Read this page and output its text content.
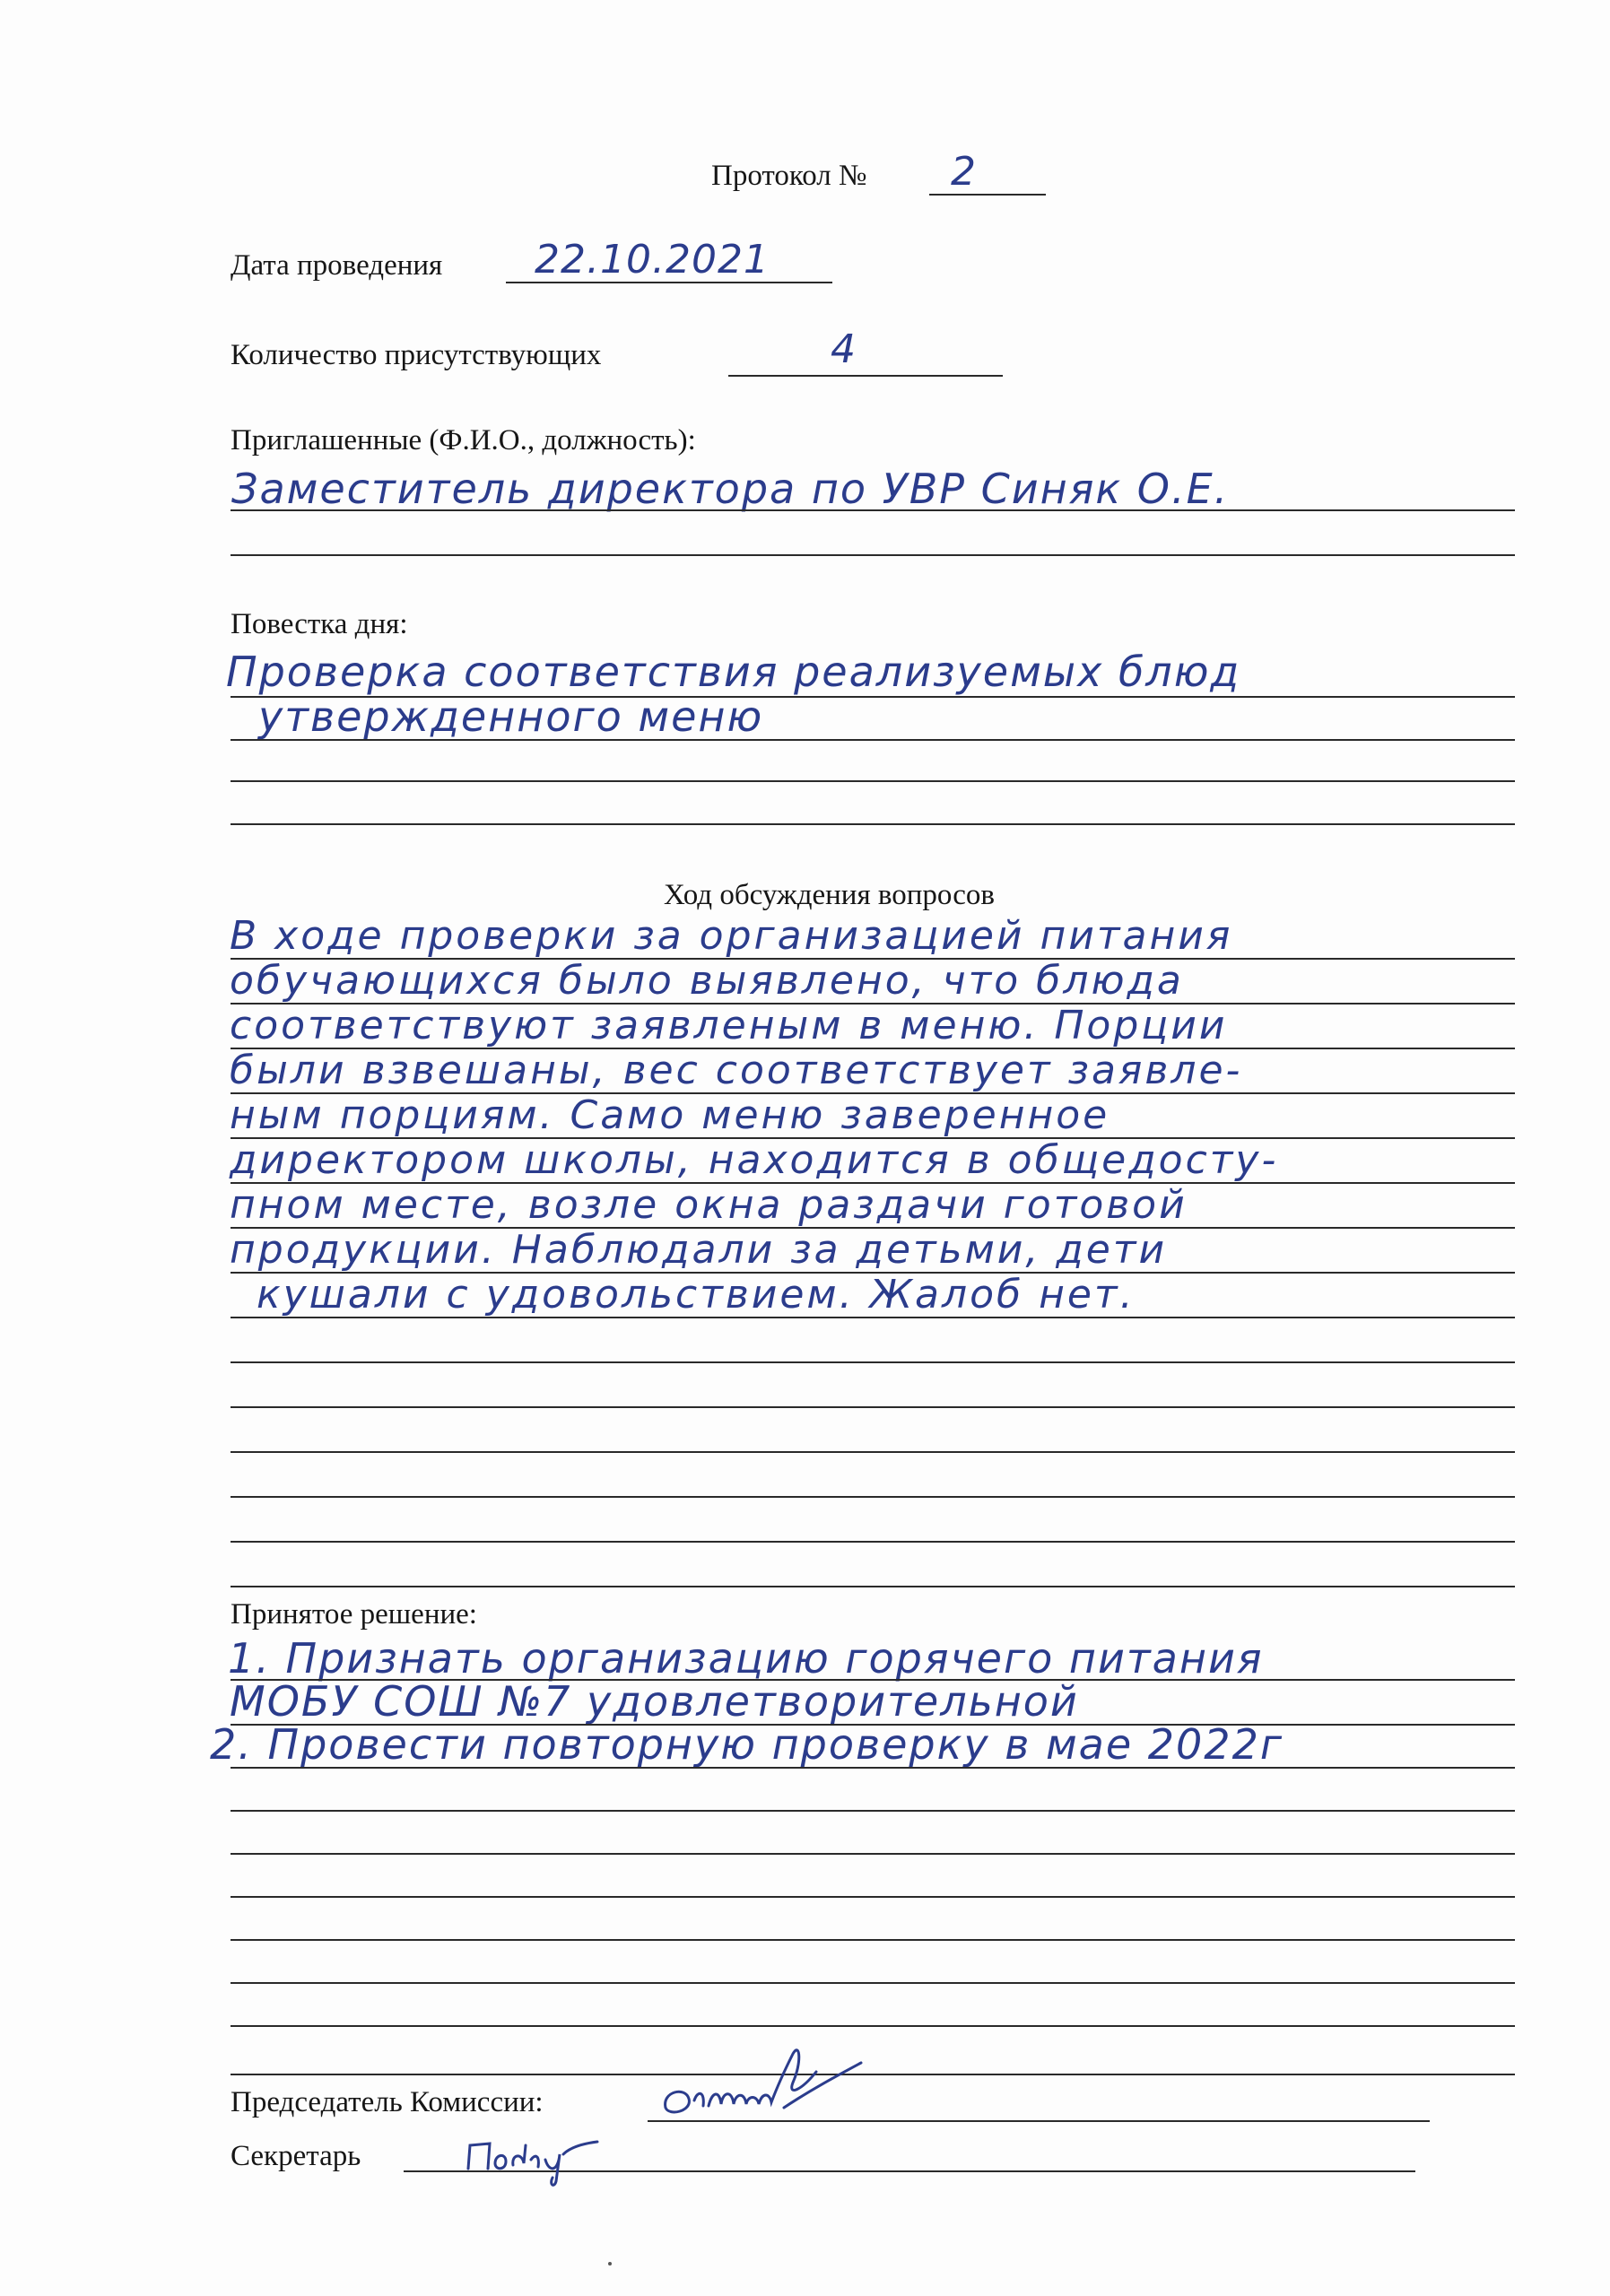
Протокол № 2
Дата проведения 22.10.2021
Количество присутствующих	4
Приглашенные (Ф.И.О., должность):
Заместитель директора по УВР Синяк О.Е.
Повестка дня:
Проверка соответствия реализуемых блюд
утвержденного меню
Ход обсуждения вопросов
В ходе проверки за организацией питания
обучающихся было выявлено, что блюда
соответствуют заявленым в меню. Порции
были взвешаны, вес соответствует заявле-
ным порциям. Само меню заверенное
директором школы, находится в общедосту-
пном месте, возле окна раздачи готовой
продукции. Наблюдали за детьми, дети
кушали с удовольствием. Жалоб нет.
Принятое решение:
1. Признать организацию горячего питания
МОБУ СОШ №7 удовлетворительной
2. Провести повторную проверку в мае 2022г
Председатель Комиссии:
Секретарь
